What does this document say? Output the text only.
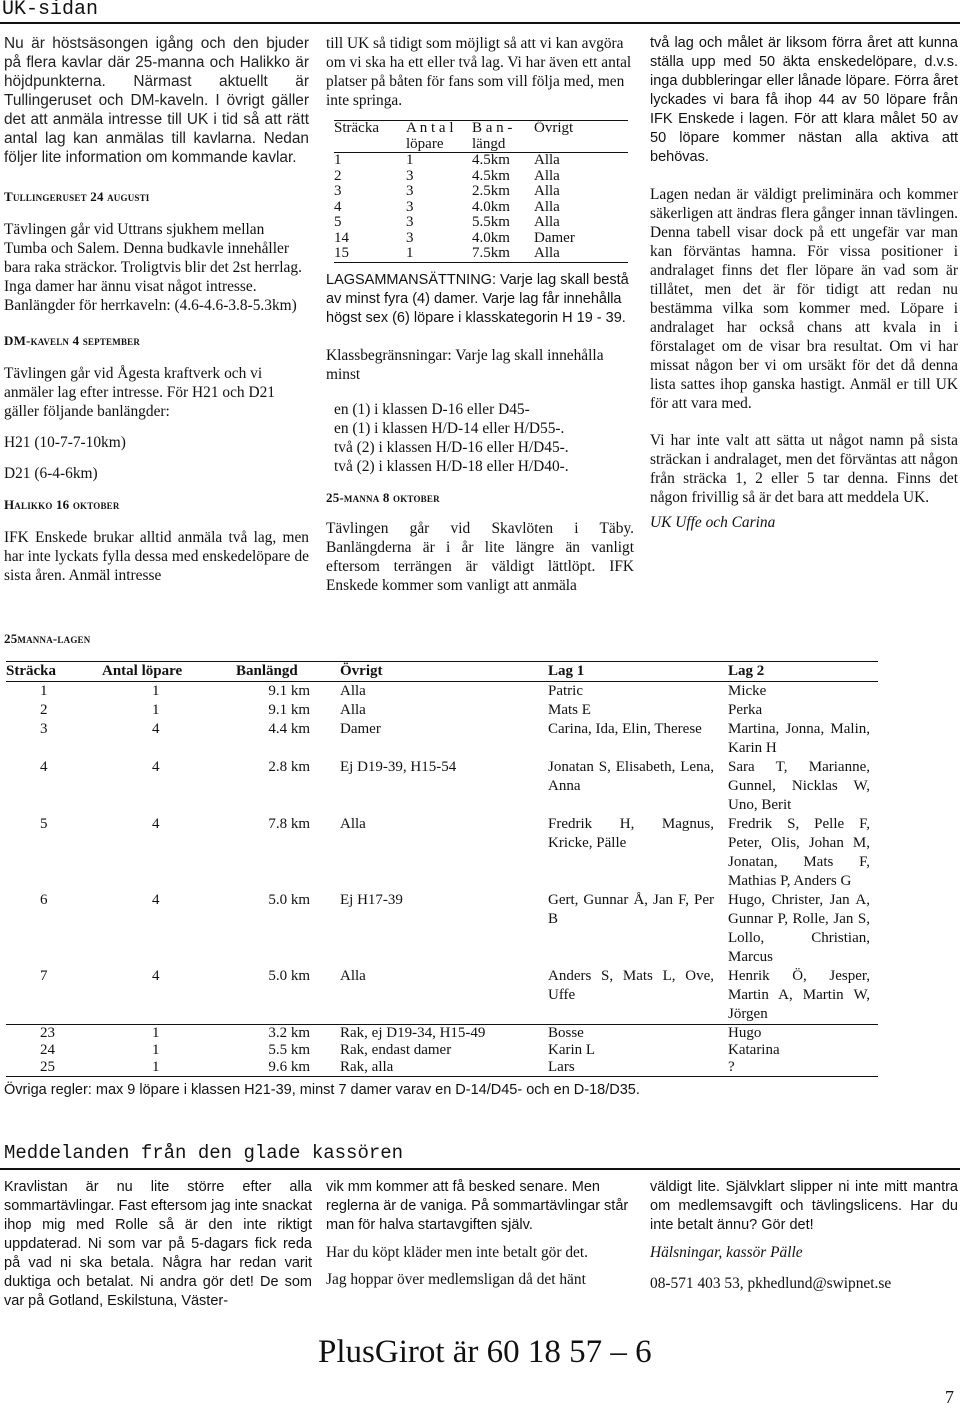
UK-sidan

Nu är höstsäsongen igång och den bjuder på flera kavlar där 25-manna och Halikko är höjdpunkterna. Närmast aktuellt är Tullingeruset och DM-kaveln. I övrigt gäller det att anmäla intresse till UK i tid så att rätt antal lag kan anmälas till kavlarna. Nedan följer lite information om kommande kavlar.

Tullingeruset 24 augusti

Tävlingen går vid Uttrans sjukhem mellan Tumba och Salem. Denna budkavle innehåller bara raka sträckor. Troligtvis blir det 2st herrlag. Inga damer har ännu visat något intresse. Banlängder för herrkaveln: (4.6-4.6-3.8-5.3km)

DM-kaveln 4 september

Tävlingen går vid Ågesta kraftverk och vi anmäler lag efter intresse. För H21 och D21 gäller följande banlängder:

H21 (10-7-7-10km)

D21 (6-4-6km)

Halikko 16 oktober

IFK Enskede brukar alltid anmäla två lag, men har inte lyckats fylla dessa med enskedelöpare de sista åren. Anmäl intresse

till UK så tidigt som möjligt så att vi kan avgöra om vi ska ha ett eller två lag. Vi har även ett antal platser på båten för fans som vill följa med, men inte springa.

Sträcka	A n t a l löpare	B a n - längd	Övrigt
1	1	4.5km	Alla
2	3	4.5km	Alla
3	3	2.5km	Alla
4	3	4.0km	Alla
5	3	5.5km	Alla
14	3	4.0km	Damer
15	1	7.5km	Alla

LAGSAMMANSÄTTNING: Varje lag skall bestå av minst fyra (4) damer. Varje lag får innehålla högst sex (6) löpare i klasskategorin H 19 - 39.

Klassbegränsningar: Varje lag skall innehålla minst

en (1) i klassen D-16 eller D45-

en (1) i klassen H/D-14 eller H/D55-.

två (2) i klassen H/D-16 eller H/D45-.

två (2) i klassen H/D-18 eller H/D40-.

25-manna 8 oktober

Tävlingen går vid Skavlöten i Täby. Banlängderna är i år lite längre än vanligt eftersom terrängen är väldigt lättlöpt. IFK Enskede kommer som vanligt att anmäla

två lag och målet är liksom förra året att kunna ställa upp med 50 äkta enskedelöpare, d.v.s. inga dubbleringar eller lånade löpare. Förra året lyckades vi bara få ihop 44 av 50 löpare från IFK Enskede i lagen. För att klara målet 50 av 50 löpare kommer nästan alla aktiva att behövas.

Lagen nedan är väldigt preliminära och kommer säkerligen att ändras flera gånger innan tävlingen. Denna tabell visar dock på ett ungefär var man kan förväntas hamna. För vissa positioner i andralaget finns det fler löpare än vad som är tillåtet, men det är för tidigt att redan nu bestämma vilka som kommer med. Löpare i andralaget har också chans att kvala in i förstalaget om de visar bra resultat. Om vi har missat någon ber vi om ursäkt för det då denna lista sattes ihop ganska hastigt. Anmäl er till UK för att vara med.

Vi har inte valt att sätta ut något namn på sista sträckan i andralaget, men det förväntas att någon från sträcka 1, 2 eller 5 tar denna. Finns det någon frivillig så är det bara att meddela UK.

UK Uffe och Carina

25manna-lagen
Sträcka	Antal löpare	Banlängd	Övrigt	Lag 1	Lag 2
1	1	9.1 km	Alla	Patric	Micke
2	1	9.1 km	Alla	Mats E	Perka
3	4	4.4 km	Damer	Carina, Ida, Elin, Therese	Martina, Jonna, Malin, Karin H
4	4	2.8 km	Ej D19-39, H15-54	Jonatan S, Elisabeth, Lena, Anna	Sara T, Marianne, Gunnel, Nicklas W, Uno, Berit
5	4	7.8 km	Alla	Fredrik H, Magnus, Kricke, Pälle	Fredrik S, Pelle F, Peter, Olis, Johan M, Jonatan, Mats F, Mathias P, Anders G
6	4	5.0 km	Ej H17-39	Gert, Gunnar Å, Jan F, Per B	Hugo, Christer, Jan A, Gunnar P, Rolle, Jan S, Lollo, Christian, Marcus
7	4	5.0 km	Alla	Anders S, Mats L, Ove, Uffe	Henrik Ö, Jesper, Martin A, Martin W, Jörgen
23	1	3.2 km	Rak, ej D19-34, H15-49	Bosse	Hugo
24	1	5.5 km	Rak, endast damer	Karin L	Katarina
25	1	9.6 km	Rak, alla	Lars	?
Övriga regler: max 9 löpare i klassen H21-39, minst 7 damer varav en D-14/D45- och en D-18/D35.
Meddelanden från den glade kassören

Kravlistan är nu lite större efter alla sommartävlingar. Fast eftersom jag inte snackat ihop mig med Rolle så är den inte riktigt uppdaterad. Ni som var på 5-dagars fick reda på vad ni ska betala. Några har redan varit duktiga och betalat. Ni andra gör det! De som var på Gotland, Eskilstuna, Väster-

vik mm kommer att få besked senare. Men reglerna är de vaniga. På sommartävlingar står man för halva startavgiften själv.

Har du köpt kläder men inte betalt gör det.

Jag hoppar över medlemsligan då det hänt

väldigt lite. Självklart slipper ni inte mitt mantra om medlemsavgift och tävlingslicens. Har du inte betalt ännu? Gör det!

Hälsningar, kassör Pälle

08-571 403 53, pkhedlund@swipnet.se

PlusGirot är 60 18 57 – 6
7
